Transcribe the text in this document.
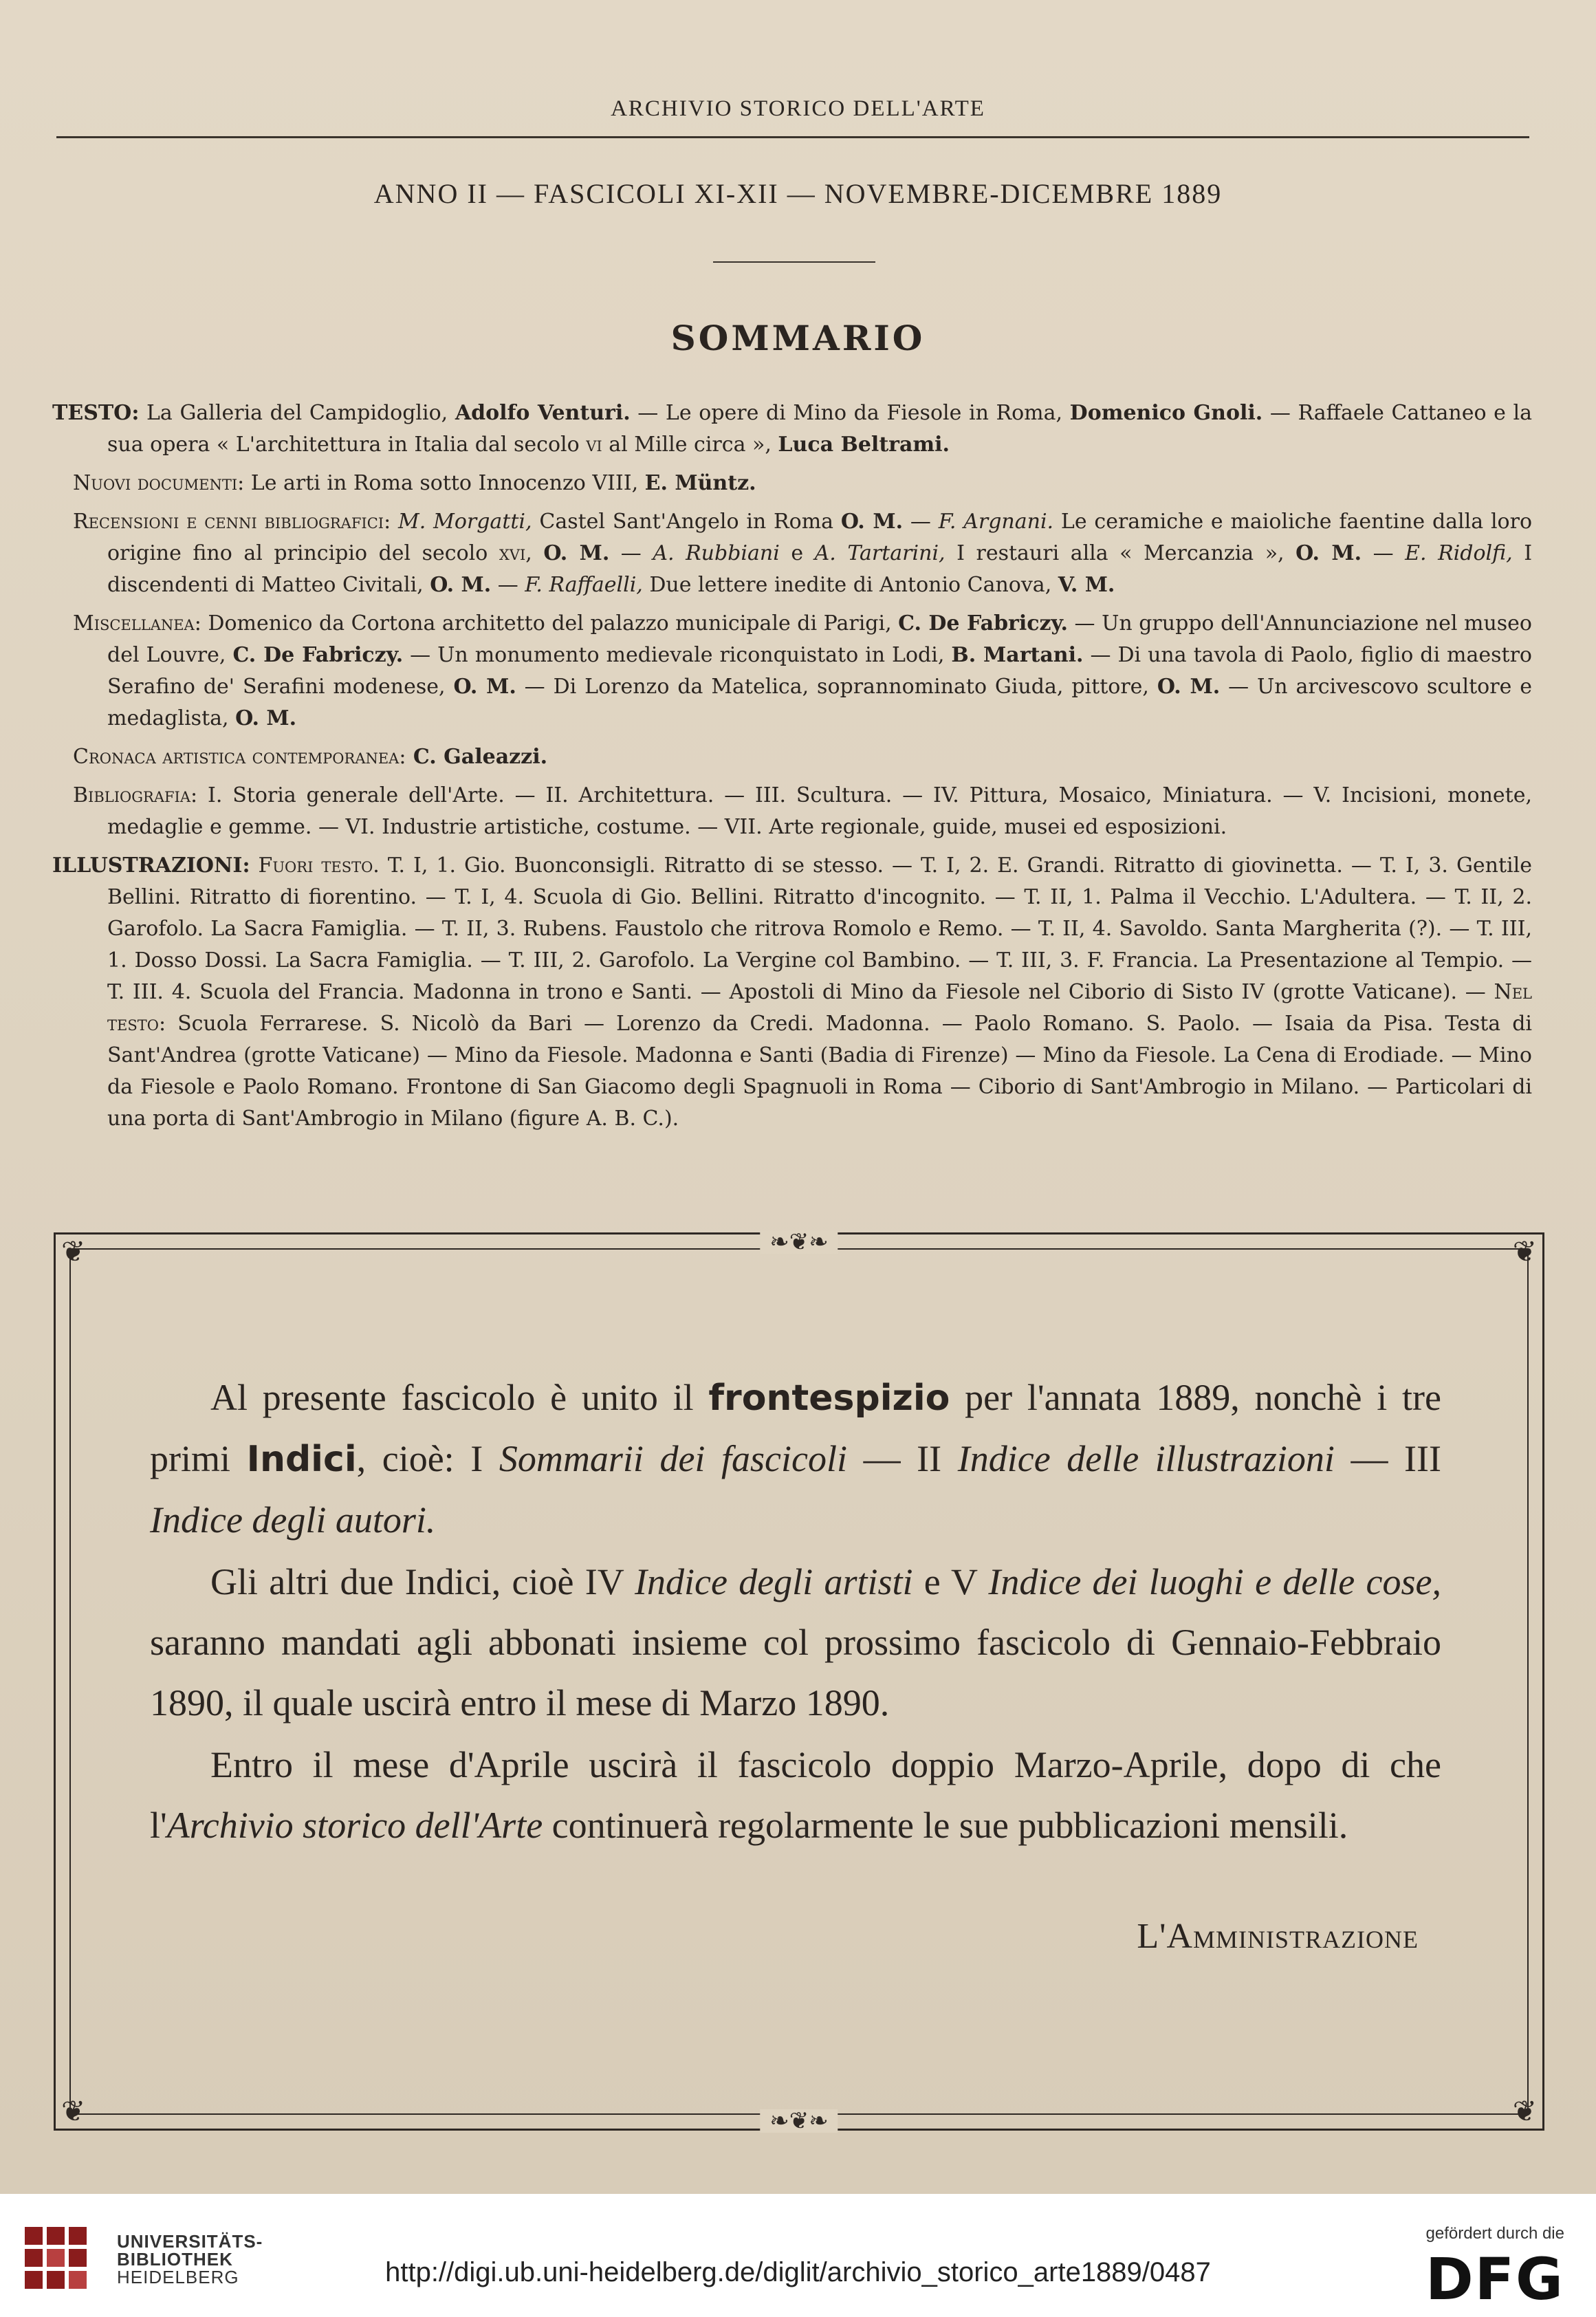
ARCHIVIO STORICO DELL'ARTE
ANNO II — FASCICOLI XI-XII — NOVEMBRE-DICEMBRE 1889
SOMMARIO

TESTO: La Galleria del Campidoglio, Adolfo Venturi. — Le opere di Mino da Fiesole in Roma, Domenico Gnoli. — Raffaele Cattaneo e la sua opera « L'architettura in Italia dal secolo vi al Mille circa », Luca Beltrami.

Nuovi documenti: Le arti in Roma sotto Innocenzo VIII, E. Müntz.

Recensioni e cenni bibliografici: M. Morgatti, Castel Sant'Angelo in Roma O. M. — F. Argnani. Le ceramiche e maioliche faentine dalla loro origine fino al principio del secolo xvi, O. M. — A. Rubbiani e A. Tartarini, I restauri alla « Mercanzia », O. M. — E. Ridolfi, I discendenti di Matteo Civitali, O. M. — F. Raffaelli, Due lettere inedite di Antonio Canova, V. M.

Miscellanea: Domenico da Cortona architetto del palazzo municipale di Parigi, C. De Fabriczy. — Un gruppo dell'Annunciazione nel museo del Louvre, C. De Fabriczy. — Un monumento medievale riconquistato in Lodi, B. Martani. — Di una tavola di Paolo, figlio di maestro Serafino de' Serafini modenese, O. M. — Di Lorenzo da Matelica, soprannominato Giuda, pittore, O. M. — Un arcivescovo scultore e medaglista, O. M.

Cronaca artistica contemporanea: C. Galeazzi.

Bibliografia: I. Storia generale dell'Arte. — II. Architettura. — III. Scultura. — IV. Pittura, Mosaico, Miniatura. — V. Incisioni, monete, medaglie e gemme. — VI. Industrie artistiche, costume. — VII. Arte regionale, guide, musei ed esposizioni.

ILLUSTRAZIONI: Fuori testo. T. I, 1. Gio. Buonconsigli. Ritratto di se stesso. — T. I, 2. E. Grandi. Ritratto di giovinetta. — T. I, 3. Gentile Bellini. Ritratto di fiorentino. — T. I, 4. Scuola di Gio. Bellini. Ritratto d'incognito. — T. II, 1. Palma il Vecchio. L'Adultera. — T. II, 2. Garofolo. La Sacra Famiglia. — T. II, 3. Rubens. Faustolo che ritrova Romolo e Remo. — T. II, 4. Savoldo. Santa Margherita (?). — T. III, 1. Dosso Dossi. La Sacra Famiglia. — T. III, 2. Garofolo. La Vergine col Bambino. — T. III, 3. F. Francia. La Presentazione al Tempio. — T. III. 4. Scuola del Francia. Madonna in trono e Santi. — Apostoli di Mino da Fiesole nel Ciborio di Sisto IV (grotte Vaticane). — Nel testo: Scuola Ferrarese. S. Nicolò da Bari — Lorenzo da Credi. Madonna. — Paolo Romano. S. Paolo. — Isaia da Pisa. Testa di Sant'Andrea (grotte Vaticane) — Mino da Fiesole. Madonna e Santi (Badia di Firenze) — Mino da Fiesole. La Cena di Erodiade. — Mino da Fiesole e Paolo Romano. Frontone di San Giacomo degli Spagnuoli in Roma — Ciborio di Sant'Ambrogio in Milano. — Particolari di una porta di Sant'Ambrogio in Milano (figure A. B. C.).

❦	❦
❦	❦
❧❦❧
❧❦❧

Al presente fascicolo è unito il frontespizio per l'annata 1889, nonchè i tre primi Indici, cioè: I Sommarii dei fascicoli — II Indice delle illustrazioni — III Indice degli autori.

Gli altri due Indici, cioè IV Indice degli artisti e V Indice dei luoghi e delle cose, saranno mandati agli abbonati insieme col prossimo fascicolo di Gennaio-Febbraio 1890, il quale uscirà entro il mese di Marzo 1890.

Entro il mese d'Aprile uscirà il fascicolo doppio Marzo-Aprile, dopo di che l'Archivio storico dell'Arte continuerà regolarmente le sue pubblicazioni mensili.

L'Amministrazione
UNIVERSITÄTS-
BIBLIOTHEK
HEIDELBERG	http://digi.ub.uni-heidelberg.de/diglit/archivio_storico_arte1889/0487
gefördert durch die
DFG
